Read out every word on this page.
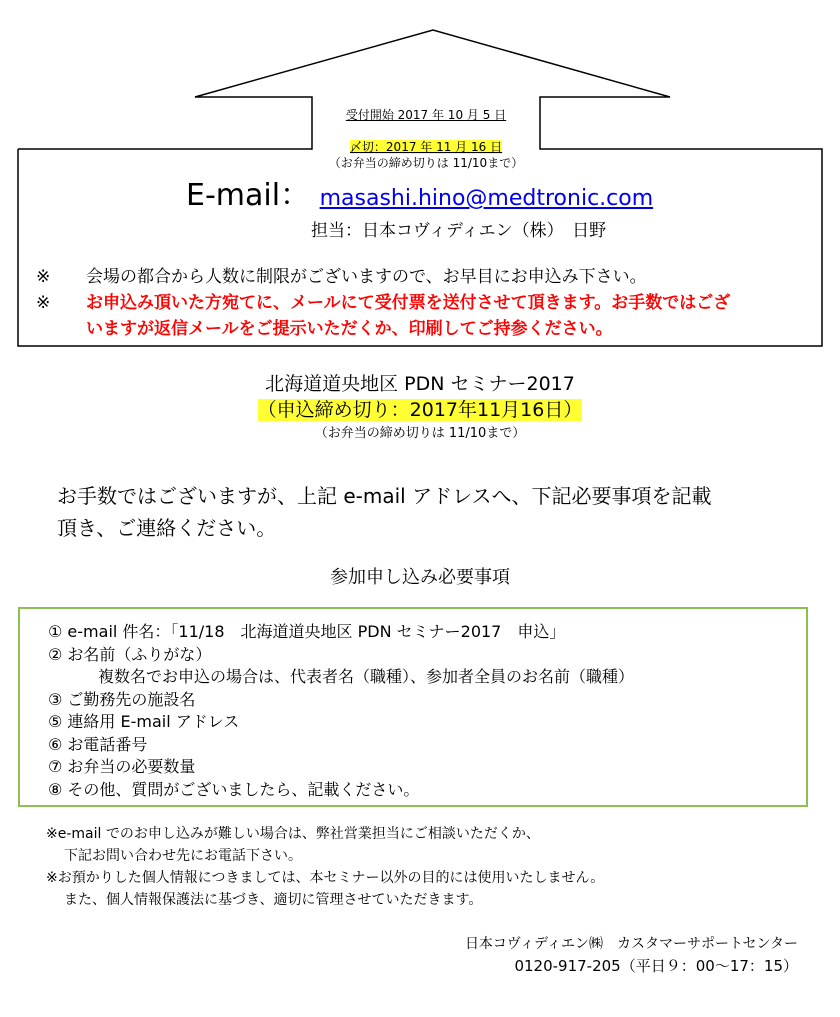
受付開始 2017 年 10 月 5 日
〆切：2017 年 11 月 16 日
（お弁当の締め切りは 11/10まで）
E-mail： masashi.hino@medtronic.com
担当：日本コヴィディエン（株）　日野
※	会場の都合から人数に制限がございますので、お早目にお申込み下さい。
※	お申込み頂いた方宛てに、メールにて受付票を送付させて頂きます。お手数ではござ
いますが返信メールをご提示いただくか、印刷してご持参ください。
北海道道央地区 PDN セミナー2017
（申込締め切り：2017年11月16日）
（お弁当の締め切りは 11/10まで）
お手数ではございますが、上記 e-mail アドレスへ、下記必要事項を記載
頂き、ご連絡ください。
参加申し込み必要事項
① e-mail 件名：「11/18　北海道道央地区 PDN セミナー2017　申込」
② お名前（ふりがな）
複数名でお申込の場合は、代表者名（職種）、参加者全員のお名前（職種）
③ ご勤務先の施設名
⑤ 連絡用 E-mail アドレス
⑥ お電話番号
⑦ お弁当の必要数量
⑧ その他、質問がございましたら、記載ください。
※e-mail でのお申し込みが難しい場合は、弊社営業担当にご相談いただくか、
下記お問い合わせ先にお電話下さい。
※お預かりした個人情報につきましては、本セミナー以外の目的には使用いたしません。
また、個人情報保護法に基づき、適切に管理させていただきます。
日本コヴィディエン㈱　カスタマーサポートセンター
0120-917-205（平日９：00～17：15）
